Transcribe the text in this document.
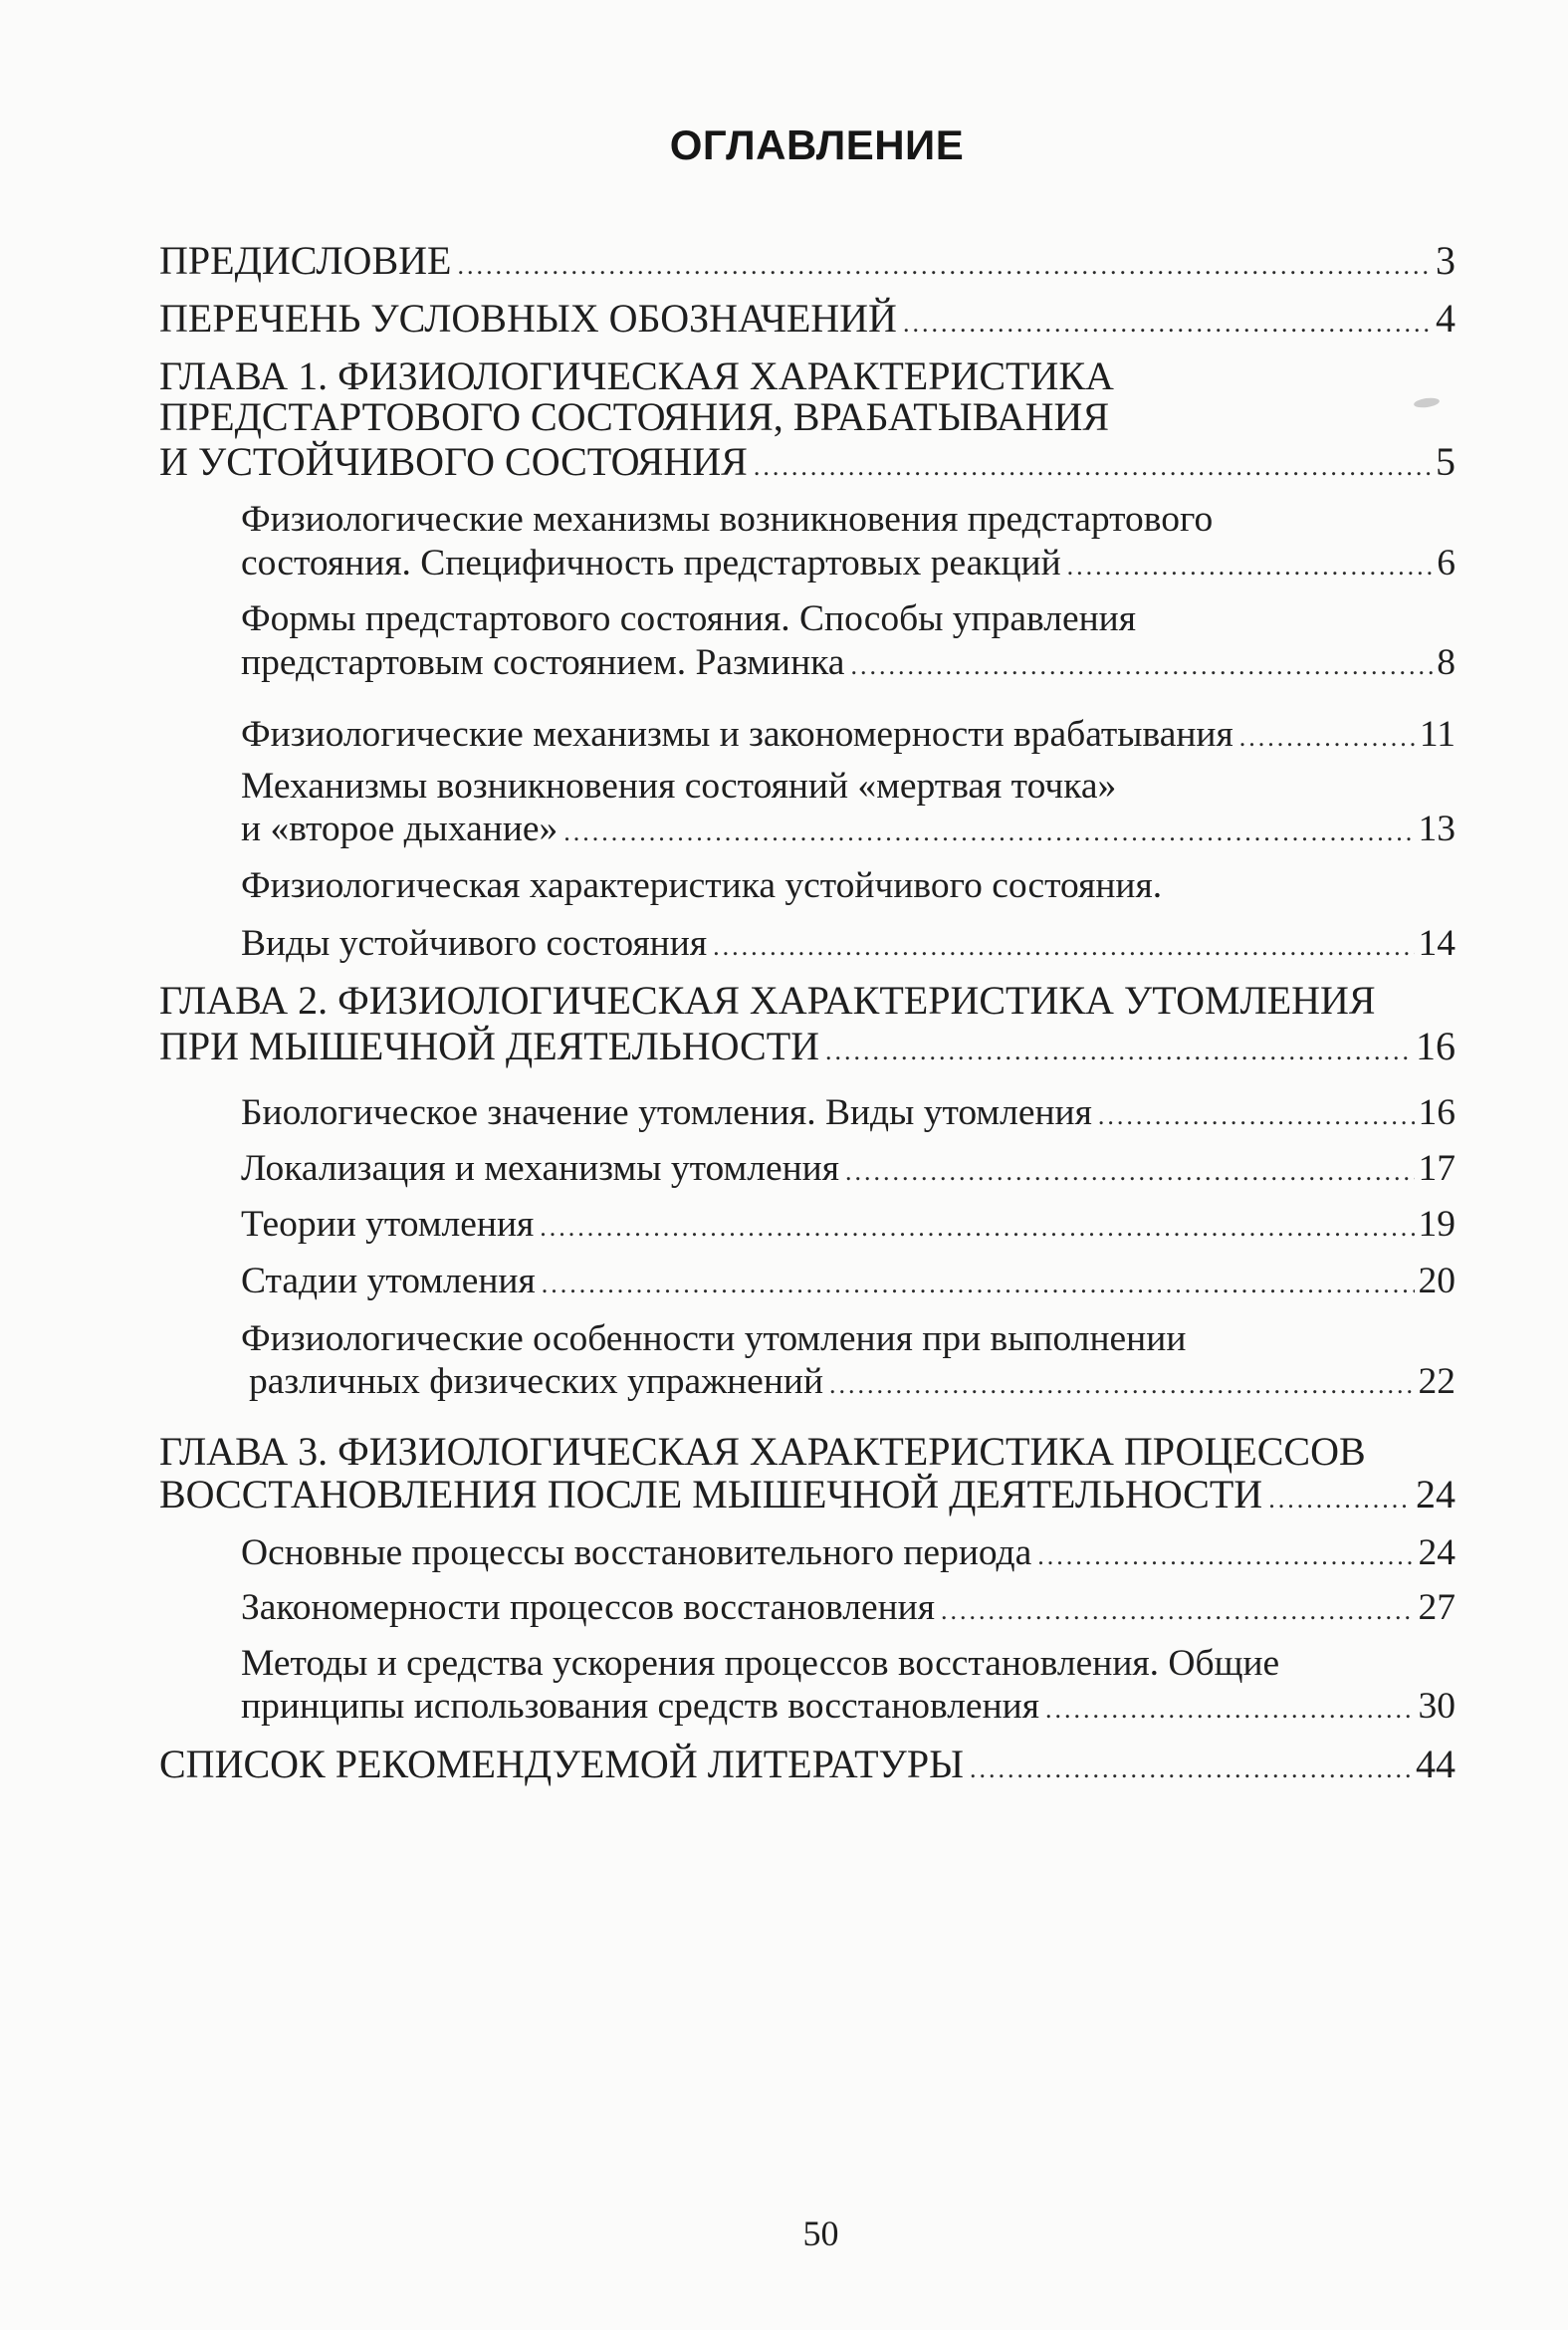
ОГЛАВЛЕНИЕ
ПРЕДИСЛОВИЕ .....	3
ПЕРЕЧЕНЬ УСЛОВНЫХ ОБОЗНАЧЕНИЙ .....	4
ГЛАВА 1. ФИЗИОЛОГИЧЕСКАЯ ХАРАКТЕРИСТИКА
ПРЕДСТАРТОВОГО СОСТОЯНИЯ, ВРАБАТЫВАНИЯ
И УСТОЙЧИВОГО СОСТОЯНИЯ .....	5
Физиологические механизмы возникновения предстартового
состояния. Специфичность предстартовых реакций .....	6
Формы предстартового состояния. Способы управления
предстартовым состоянием. Разминка .....	8
Физиологические механизмы и закономерности врабатывания .....	11
Механизмы возникновения состояний «мертвая точка»
и «второе дыхание» .....	13
Физиологическая характеристика устойчивого состояния.
Виды устойчивого состояния .....	14
ГЛАВА 2. ФИЗИОЛОГИЧЕСКАЯ ХАРАКТЕРИСТИКА УТОМЛЕНИЯ
ПРИ МЫШЕЧНОЙ ДЕЯТЕЛЬНОСТИ .....	16
Биологическое значение утомления. Виды утомления .....	16
Локализация и механизмы утомления .....	17
Теории утомления .....	19
Стадии утомления .....	20
Физиологические особенности утомления при выполнении
различных физических упражнений .....	22
ГЛАВА 3. ФИЗИОЛОГИЧЕСКАЯ ХАРАКТЕРИСТИКА ПРОЦЕССОВ
ВОССТАНОВЛЕНИЯ ПОСЛЕ МЫШЕЧНОЙ ДЕЯТЕЛЬНОСТИ .....	24
Основные процессы восстановительного периода .....	24
Закономерности процессов восстановления .....	27
Методы и средства ускорения процессов восстановления. Общие
принципы использования средств восстановления .....	30
СПИСОК РЕКОМЕНДУЕМОЙ ЛИТЕРАТУРЫ .....	44
50
